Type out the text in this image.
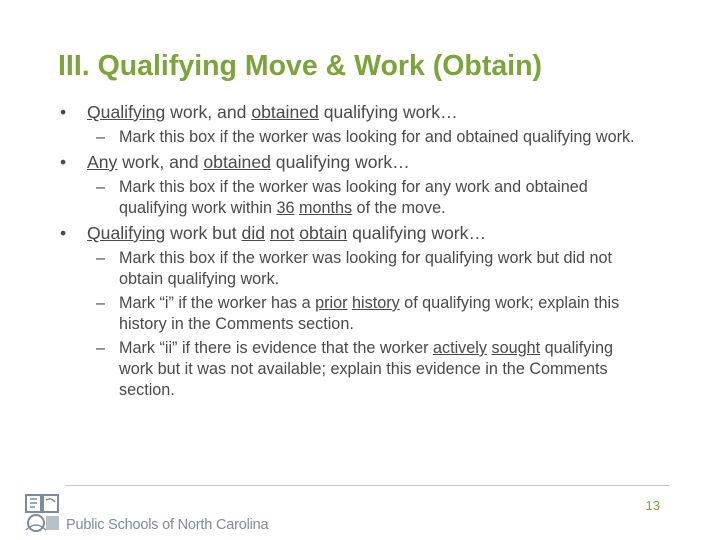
III. Qualifying Move & Work (Obtain)
• Qualifying work, and obtained qualifying work…
– Mark this box if the worker was looking for and obtained qualifying work.
• Any work, and obtained qualifying work…
– Mark this box if the worker was looking for any work and obtained qualifying work within 36 months of the move.
• Qualifying work but did not obtain qualifying work…
– Mark this box if the worker was looking for qualifying work but did not obtain qualifying work.
– Mark “i” if the worker has a prior history of qualifying work; explain this history in the Comments section.
– Mark “ii” if there is evidence that the worker actively sought qualifying work but it was not available; explain this evidence in the Comments section.
Public Schools of North Carolina
13
